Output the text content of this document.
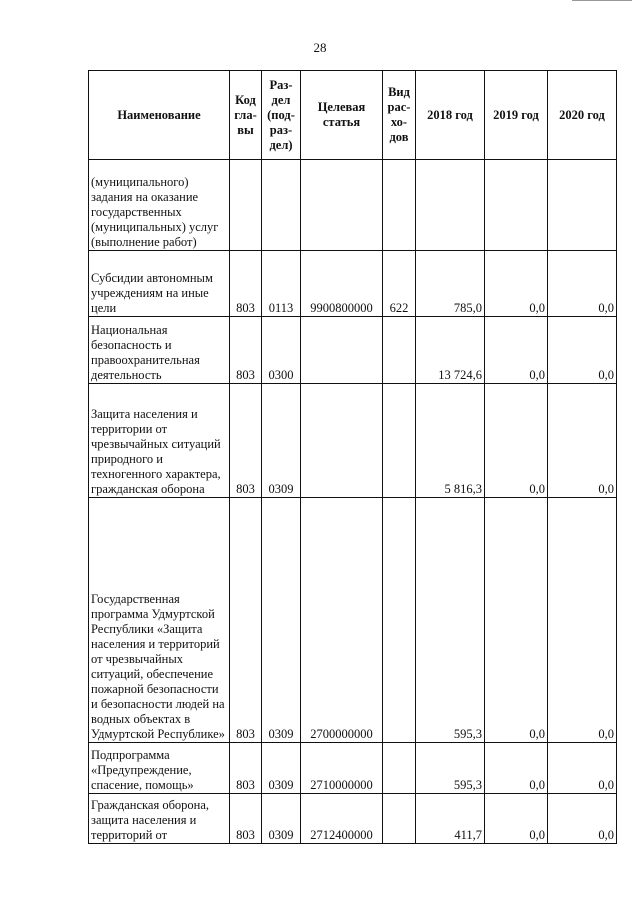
28
Наименование	Код гла-вы	Раз-дел (под-раз-дел)	Целевая статья	Вид рас-хо-дов	2018 год	2019 год	2020 год
(муниципального) задания на оказание государственных (муниципальных) услуг (выполнение работ)							
Субсидии автономным учреждениям на иные цели	803	0113	9900800000	622	785,0	0,0	0,0
Национальная безопасность и правоохранительная деятельность	803	0300			13 724,6	0,0	0,0
Защита населения и территории от чрезвычайных ситуаций природного и техногенного характера, гражданская оборона	803	0309			5 816,3	0,0	0,0
Государственная программа Удмуртской Республики «Защита населения и территорий от чрезвычайных ситуаций, обеспечение пожарной безопасности и безопасности людей на водных объектах в Удмуртской Республике»	803	0309	2700000000		595,3	0,0	0,0
Подпрограмма «Предупреждение, спасение, помощь»	803	0309	2710000000		595,3	0,0	0,0
Гражданская оборона, защита населения и территорий от	803	0309	2712400000		411,7	0,0	0,0
